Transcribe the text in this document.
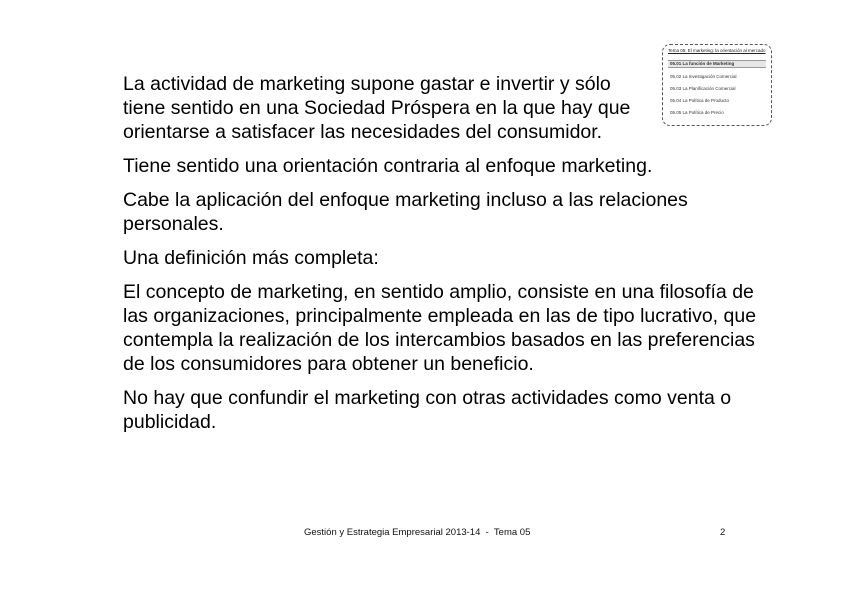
La actividad de marketing supone gastar e invertir y sólo tiene sentido en una Sociedad Próspera en la que hay que orientarse a satisfacer las necesidades del consumidor.

Tiene sentido una orientación contraria al enfoque marketing.

Cabe la aplicación del enfoque marketing incluso a las relaciones personales.

Una definición más completa:

El concepto de marketing, en sentido amplio, consiste en una filosofía de las organizaciones, principalmente empleada en las de tipo lucrativo, que contempla la realización de los intercambios basados en las preferencias de los consumidores para obtener un beneficio.

No hay que confundir el marketing con otras actividades como venta o publicidad.

Tema 05: El marketing: la orientación al mercado
05.01 La función de Marketing
05.02 La Investigación Comercial
05.03 La Planificación Comercial
05.04 La Política de Producto
05.05 La Política de Precio
Gestión y Estrategia Empresarial 2013-14  -  Tema 05	2
